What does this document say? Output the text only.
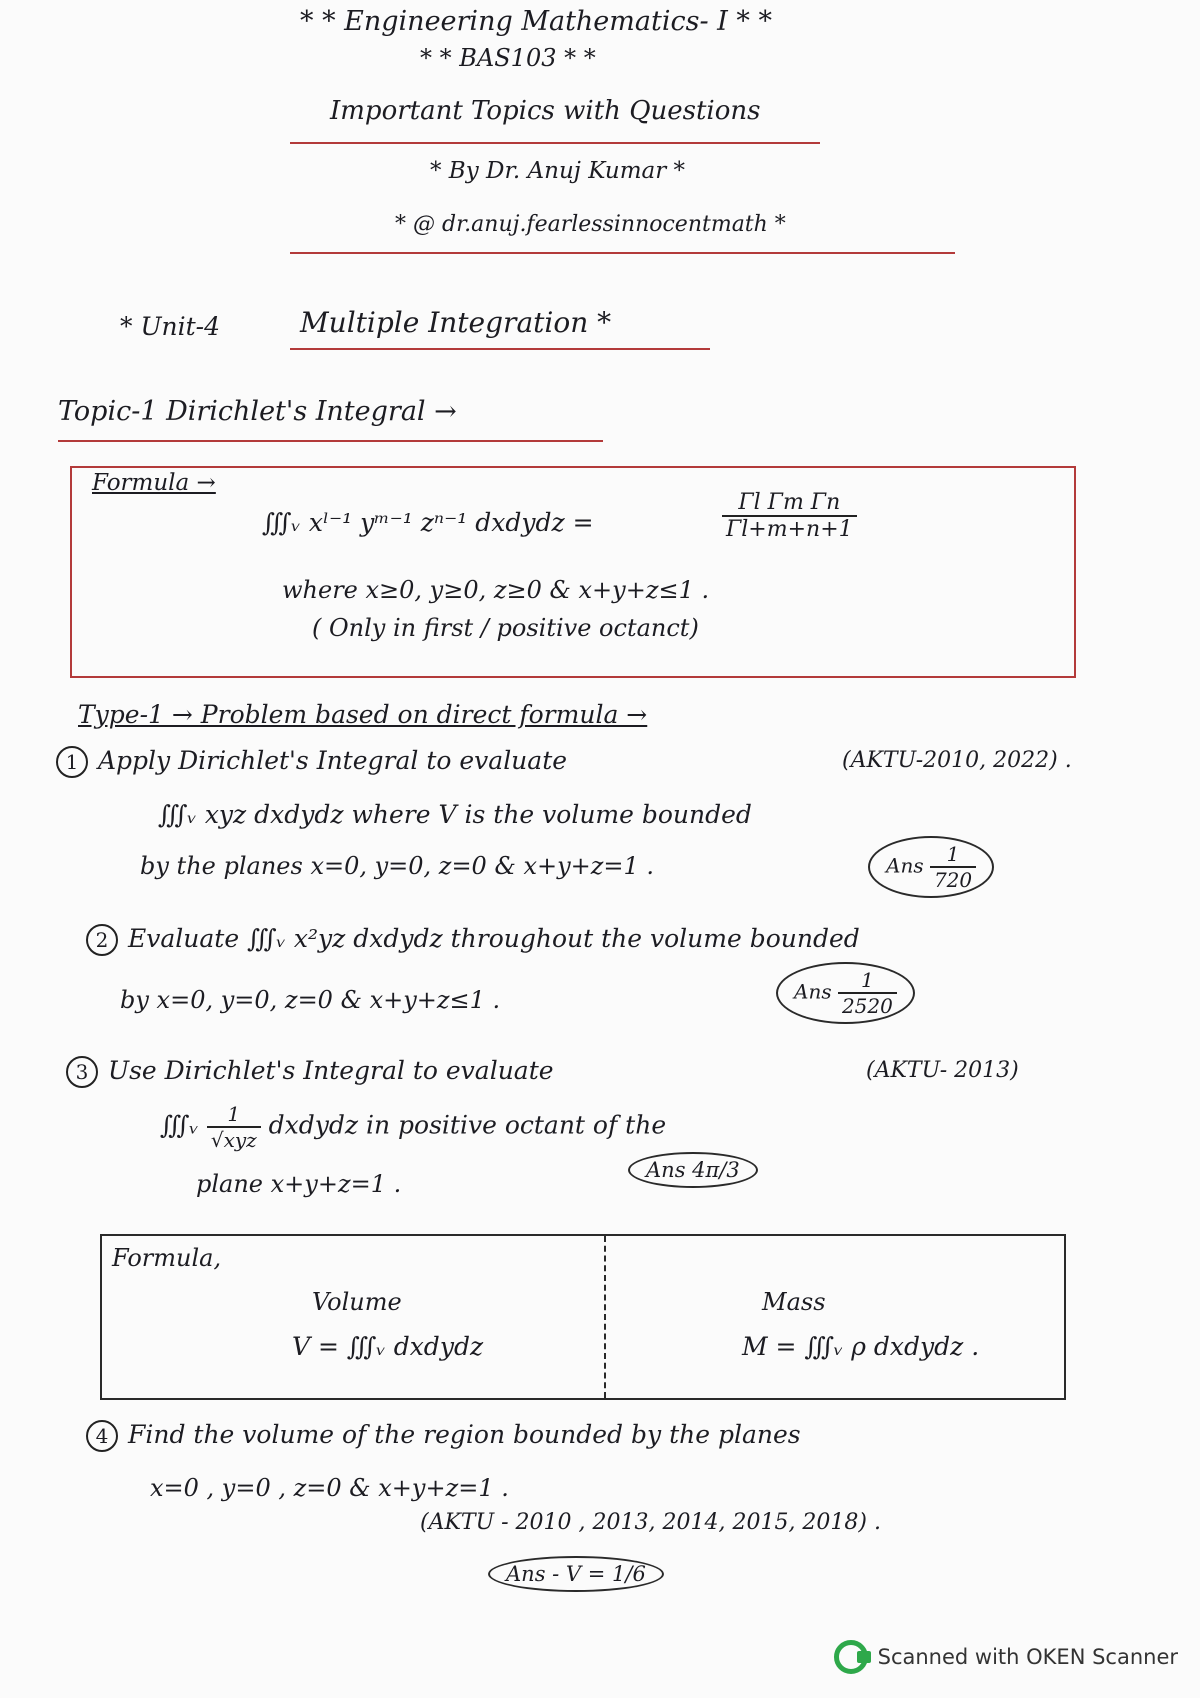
* * Engineering Mathematics- I * *
* * BAS103 * *
Important Topics with Questions
* By Dr. Anuj Kumar *
* @ dr.anuj.fearlessinnocentmath *
* Unit-4	Multiple Integration *
Topic-1 Dirichlet's Integral →
Formula →
∭ᵥ xˡ⁻¹ yᵐ⁻¹ zⁿ⁻¹ dxdydz =	$\frac{\text{Γl Γm Γn}}{\Gamma l+m+n+1}$
where x≥0, y≥0, z≥0 & x+y+z≤1 .
( Only in first / positive octanct)
Type-1 → Problem based on direct formula →
1 Apply Dirichlet's Integral to evaluate	(AKTU-2010, 2022) .
∭ᵥ xyz dxdydz where V is the volume bounded
by the planes x=0, y=0, z=0 & x+y+z=1 .	Ans $\frac{1}{720}$
2 Evaluate ∭ᵥ x²yz dxdydz throughout the volume bounded
by x=0, y=0, z=0 & x+y+z≤1 .	Ans $\frac{1}{2520}$
3 Use Dirichlet's Integral to evaluate	(AKTU- 2013)
∭ᵥ $\frac{1}{\text{√xyz}}$ dxdydz in positive octant of the
plane x+y+z=1 .	Ans 4π/3
Formula,
Volume
V = ∭ᵥ dxdydz
Mass
M = ∭ᵥ ρ dxdydz .
4 Find the volume of the region bounded by the planes
x=0 , y=0 , z=0 & x+y+z=1 .
(AKTU - 2010 , 2013, 2014, 2015, 2018) .
Ans - V = 1/6
Scanned with OKEN Scanner
